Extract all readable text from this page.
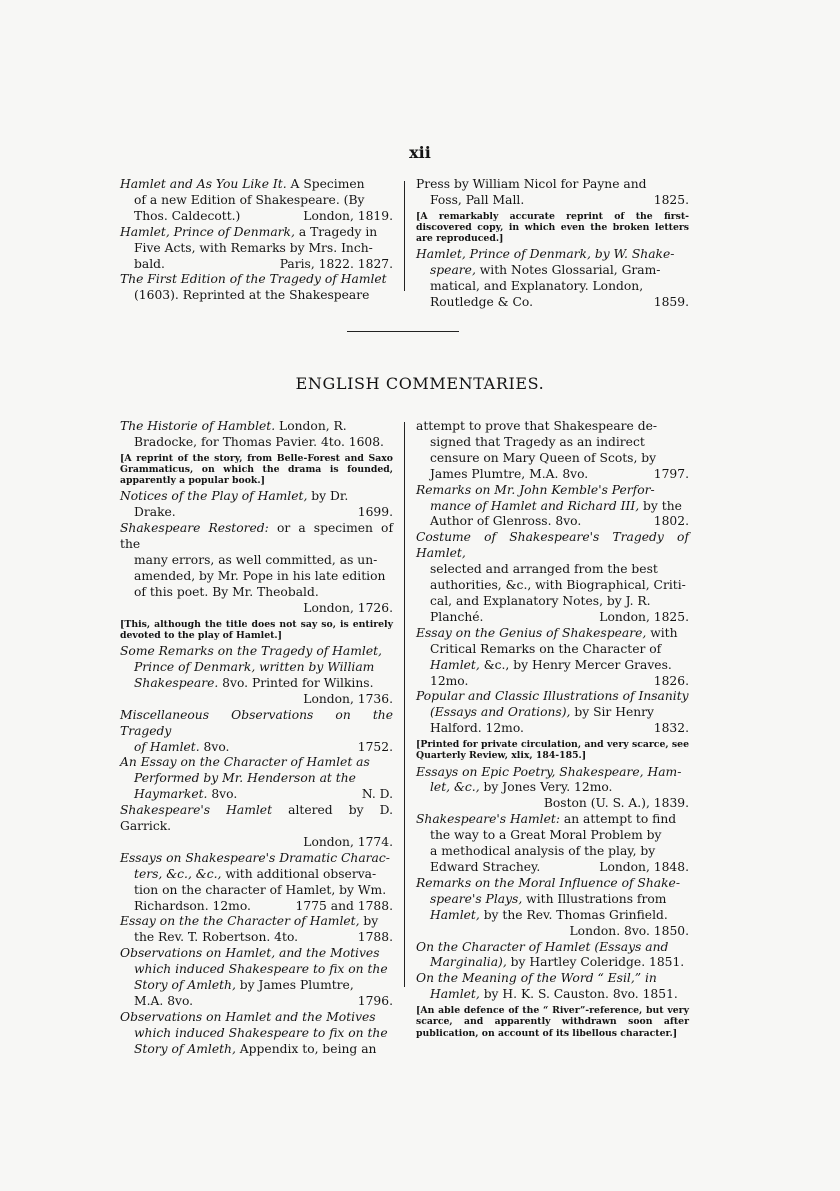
xii
Hamlet and As You Like It. A Specimen
of a new Edition of Shakespeare. (By
Thos. Caldecott.)	London, 1819.
Hamlet, Prince of Denmark, a Tragedy in
Five Acts, with Remarks by Mrs. Inch-
bald.	Paris, 1822. 1827.
The First Edition of the Tragedy of Hamlet
(1603). Reprinted at the Shakespeare
Press by William Nicol for Payne and
Foss, Pall Mall.	1825.
[A remarkably accurate reprint of the first-discovered copy, in which even the broken letters are reproduced.]
Hamlet, Prince of Denmark, by W. Shake-
speare, with Notes Glossarial, Gram-
matical, and Explanatory. London,
Routledge & Co.	1859.
ENGLISH COMMENTARIES.
The Historie of Hamblet. London, R.
Bradocke, for Thomas Pavier. 4to. 1608.
[A reprint of the story, from Belle-Forest and Saxo Grammaticus, on which the drama is founded, apparently a popular book.]
Notices of the Play of Hamlet, by Dr.
Drake.	1699.
Shakespeare Restored: or a specimen of the
many errors, as well committed, as un-
amended, by Mr. Pope in his late edition
of this poet. By Mr. Theobald.
London, 1726.
[This, although the title does not say so, is entirely devoted to the play of Hamlet.]
Some Remarks on the Tragedy of Hamlet,
Prince of Denmark, written by William
Shakespeare. 8vo. Printed for Wilkins.
London, 1736.
Miscellaneous Observations on the Tragedy
of Hamlet. 8vo.	1752.
An Essay on the Character of Hamlet as
Performed by Mr. Henderson at the
Haymarket. 8vo.	N. D.
Shakespeare's Hamlet altered by D. Garrick.
London, 1774.
Essays on Shakespeare's Dramatic Charac-
ters, &c., &c., with additional observa-
tion on the character of Hamlet, by Wm.
Richardson. 12mo.	1775 and 1788.
Essay on the the Character of Hamlet, by
the Rev. T. Robertson. 4to.	1788.
Observations on Hamlet, and the Motives
which induced Shakespeare to fix on the
Story of Amleth, by James Plumtre,
M.A. 8vo.	1796.
Observations on Hamlet and the Motives
which induced Shakespeare to fix on the
Story of Amleth, Appendix to, being an
attempt to prove that Shakespeare de-
signed that Tragedy as an indirect
censure on Mary Queen of Scots, by
James Plumtre, M.A. 8vo.	1797.
Remarks on Mr. John Kemble's Perfor-
mance of Hamlet and Richard III, by the
Author of Glenross. 8vo.	1802.
Costume of Shakespeare's Tragedy of Hamlet,
selected and arranged from the best
authorities, &c., with Biographical, Criti-
cal, and Explanatory Notes, by J. R.
Planché.	London, 1825.
Essay on the Genius of Shakespeare, with
Critical Remarks on the Character of
Hamlet, &c., by Henry Mercer Graves.
12mo.	1826.
Popular and Classic Illustrations of Insanity
(Essays and Orations), by Sir Henry
Halford. 12mo.	1832.
[Printed for private circulation, and very scarce, see Quarterly Review, xlix, 184-185.]
Essays on Epic Poetry, Shakespeare, Ham-
let, &c., by Jones Very. 12mo.
Boston (U. S. A.), 1839.
Shakespeare's Hamlet: an attempt to find
the way to a Great Moral Problem by
a methodical analysis of the play, by
Edward Strachey.	London, 1848.
Remarks on the Moral Influence of Shake-
speare's Plays, with Illustrations from
Hamlet, by the Rev. Thomas Grinfield.
London. 8vo. 1850.
On the Character of Hamlet (Essays and
Marginalia), by Hartley Coleridge. 1851.
On the Meaning of the Word “ Esil,” in
Hamlet, by H. K. S. Causton. 8vo. 1851.
[An able defence of the “ River”-reference, but very scarce, and apparently withdrawn soon after publication, on account of its libellous character.]
